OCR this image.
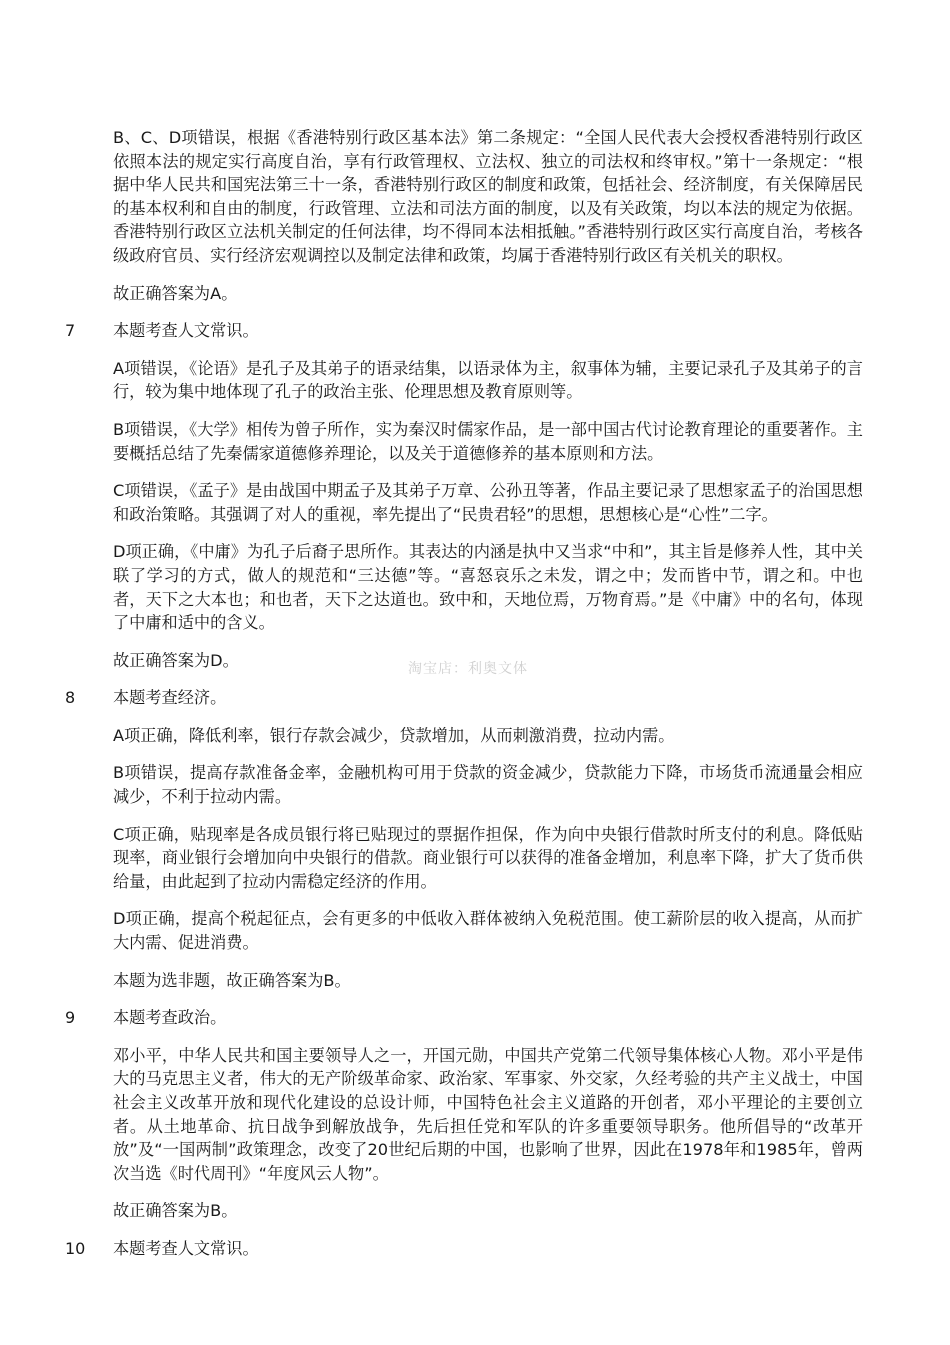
B、C、D项错误，根据《香港特别行政区基本法》第二条规定：“全国人民代表大会授权香港特别行政区依照本法的规定实行高度自治，享有行政管理权、立法权、独立的司法权和终审权。”第十一条规定：“根据中华人民共和国宪法第三十一条，香港特别行政区的制度和政策，包括社会、经济制度，有关保障居民的基本权利和自由的制度，行政管理、立法和司法方面的制度，以及有关政策，均以本法的规定为依据。香港特别行政区立法机关制定的任何法律，均不得同本法相抵触。”香港特别行政区实行高度自治，考核各级政府官员、实行经济宏观调控以及制定法律和政策，均属于香港特别行政区有关机关的职权。
故正确答案为A。
7 本题考查人文常识。
A项错误，《论语》是孔子及其弟子的语录结集，以语录体为主，叙事体为辅，主要记录孔子及其弟子的言行，较为集中地体现了孔子的政治主张、伦理思想及教育原则等。
B项错误，《大学》相传为曾子所作，实为秦汉时儒家作品，是一部中国古代讨论教育理论的重要著作。主要概括总结了先秦儒家道德修养理论，以及关于道德修养的基本原则和方法。
C项错误，《孟子》是由战国中期孟子及其弟子万章、公孙丑等著，作品主要记录了思想家孟子的治国思想和政治策略。其强调了对人的重视，率先提出了“民贵君轻”的思想，思想核心是“心性”二字。
D项正确，《中庸》为孔子后裔子思所作。其表达的内涵是执中又当求“中和”，其主旨是修养人性，其中关联了学习的方式，做人的规范和“三达德”等。“喜怒哀乐之未发，谓之中；发而皆中节，谓之和。中也者，天下之大本也；和也者，天下之达道也。致中和，天地位焉，万物育焉。”是《中庸》中的名句，体现了中庸和适中的含义。
故正确答案为D。
8 本题考查经济。
A项正确，降低利率，银行存款会减少，贷款增加，从而刺激消费，拉动内需。
B项错误，提高存款准备金率，金融机构可用于贷款的资金减少，贷款能力下降，市场货币流通量会相应减少，不利于拉动内需。
C项正确，贴现率是各成员银行将已贴现过的票据作担保，作为向中央银行借款时所支付的利息。降低贴现率，商业银行会增加向中央银行的借款。商业银行可以获得的准备金增加，利息率下降，扩大了货币供给量，由此起到了拉动内需稳定经济的作用。
D项正确，提高个税起征点，会有更多的中低收入群体被纳入免税范围。使工薪阶层的收入提高，从而扩大内需、促进消费。
本题为选非题，故正确答案为B。
9 本题考查政治。
邓小平，中华人民共和国主要领导人之一，开国元勋，中国共产党第二代领导集体核心人物。邓小平是伟大的马克思主义者，伟大的无产阶级革命家、政治家、军事家、外交家，久经考验的共产主义战士，中国社会主义改革开放和现代化建设的总设计师，中国特色社会主义道路的开创者，邓小平理论的主要创立者。从土地革命、抗日战争到解放战争，先后担任党和军队的许多重要领导职务。他所倡导的“改革开放”及“一国两制”政策理念，改变了20世纪后期的中国，也影响了世界，因此在1978年和1985年，曾两次当选《时代周刊》“年度风云人物”。
故正确答案为B。
10 本题考查人文常识。
淘宝店：利奥文体
